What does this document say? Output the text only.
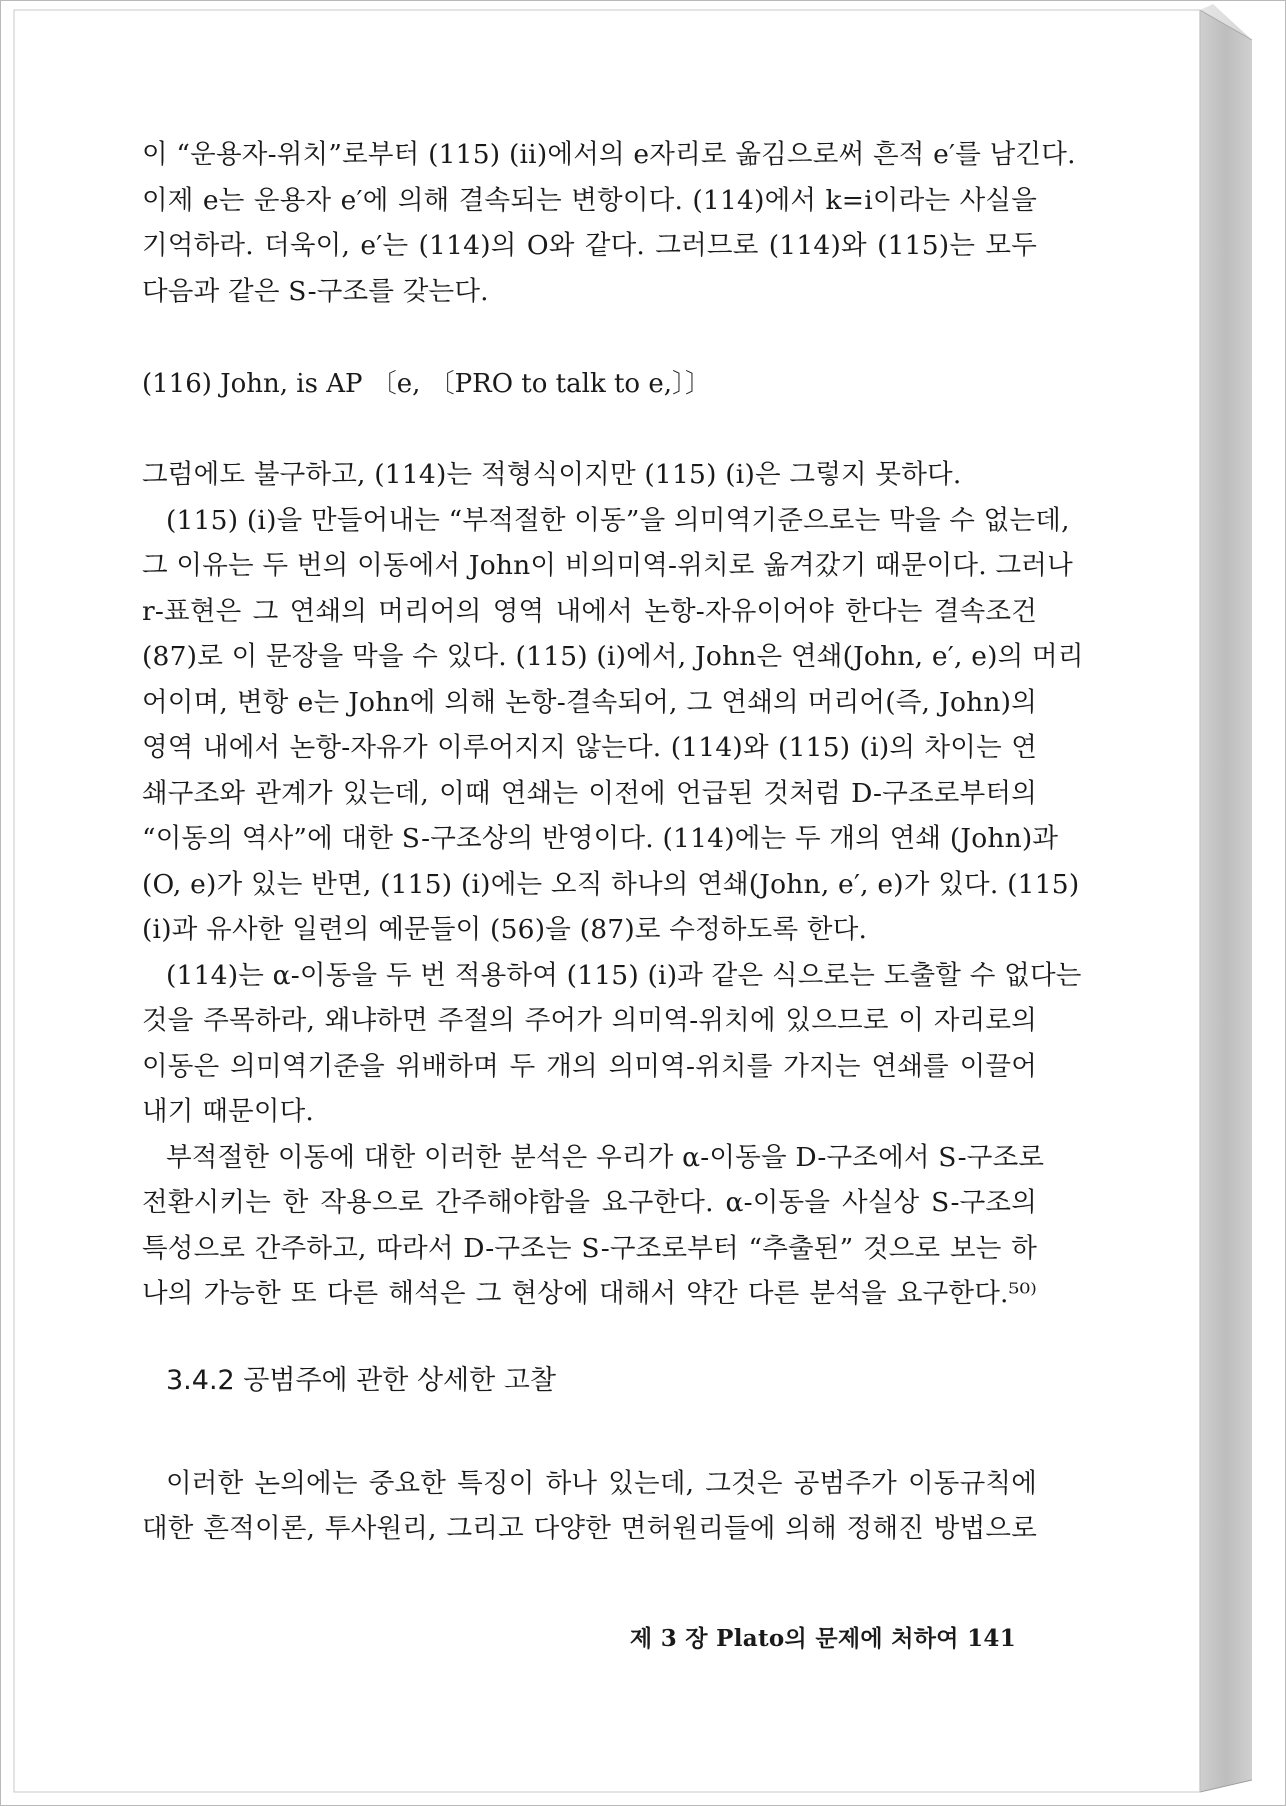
이 “운용자-위치”로부터 (115) (ii)에서의 e자리로 옮김으로써 흔적 e′를 남긴다.
이제 e는 운용자 e′에 의해 결속되는 변항이다. (114)에서 k=i이라는 사실을
기억하라. 더욱이, e′는 (114)의 O와 같다. 그러므로 (114)와 (115)는 모두
다음과 같은 S-구조를 갖는다.
(116) John, is AP 〔e, 〔PRO to talk to e,〕〕
그럼에도 불구하고, (114)는 적형식이지만 (115) (i)은 그렇지 못하다.
(115) (i)을 만들어내는 “부적절한 이동”을 의미역기준으로는 막을 수 없는데,
그 이유는 두 번의 이동에서 John이 비의미역-위치로 옮겨갔기 때문이다. 그러나
r-표현은 그 연쇄의 머리어의 영역 내에서 논항-자유이어야 한다는 결속조건
(87)로 이 문장을 막을 수 있다. (115) (i)에서, John은 연쇄(John, e′, e)의 머리
어이며, 변항 e는 John에 의해 논항-결속되어, 그 연쇄의 머리어(즉, John)의
영역 내에서 논항-자유가 이루어지지 않는다. (114)와 (115) (i)의 차이는 연
쇄구조와 관계가 있는데, 이때 연쇄는 이전에 언급된 것처럼 D-구조로부터의
“이동의 역사”에 대한 S-구조상의 반영이다. (114)에는 두 개의 연쇄 (John)과
(O, e)가 있는 반면, (115) (i)에는 오직 하나의 연쇄(John, e′, e)가 있다. (115)
(i)과 유사한 일련의 예문들이 (56)을 (87)로 수정하도록 한다.
(114)는 α-이동을 두 번 적용하여 (115) (i)과 같은 식으로는 도출할 수 없다는
것을 주목하라, 왜냐하면 주절의 주어가 의미역-위치에 있으므로 이 자리로의
이동은 의미역기준을 위배하며 두 개의 의미역-위치를 가지는 연쇄를 이끌어
내기 때문이다.
부적절한 이동에 대한 이러한 분석은 우리가 α-이동을 D-구조에서 S-구조로
전환시키는 한 작용으로 간주해야함을 요구한다. α-이동을 사실상 S-구조의
특성으로 간주하고, 따라서 D-구조는 S-구조로부터 “추출된” 것으로 보는 하
나의 가능한 또 다른 해석은 그 현상에 대해서 약간 다른 분석을 요구한다.⁵⁰⁾
3.4.2 공범주에 관한 상세한 고찰
이러한 논의에는 중요한 특징이 하나 있는데, 그것은 공범주가 이동규칙에
대한 흔적이론, 투사원리, 그리고 다양한 면허원리들에 의해 정해진 방법으로
제 3 장 Plato의 문제에 처하여 141
